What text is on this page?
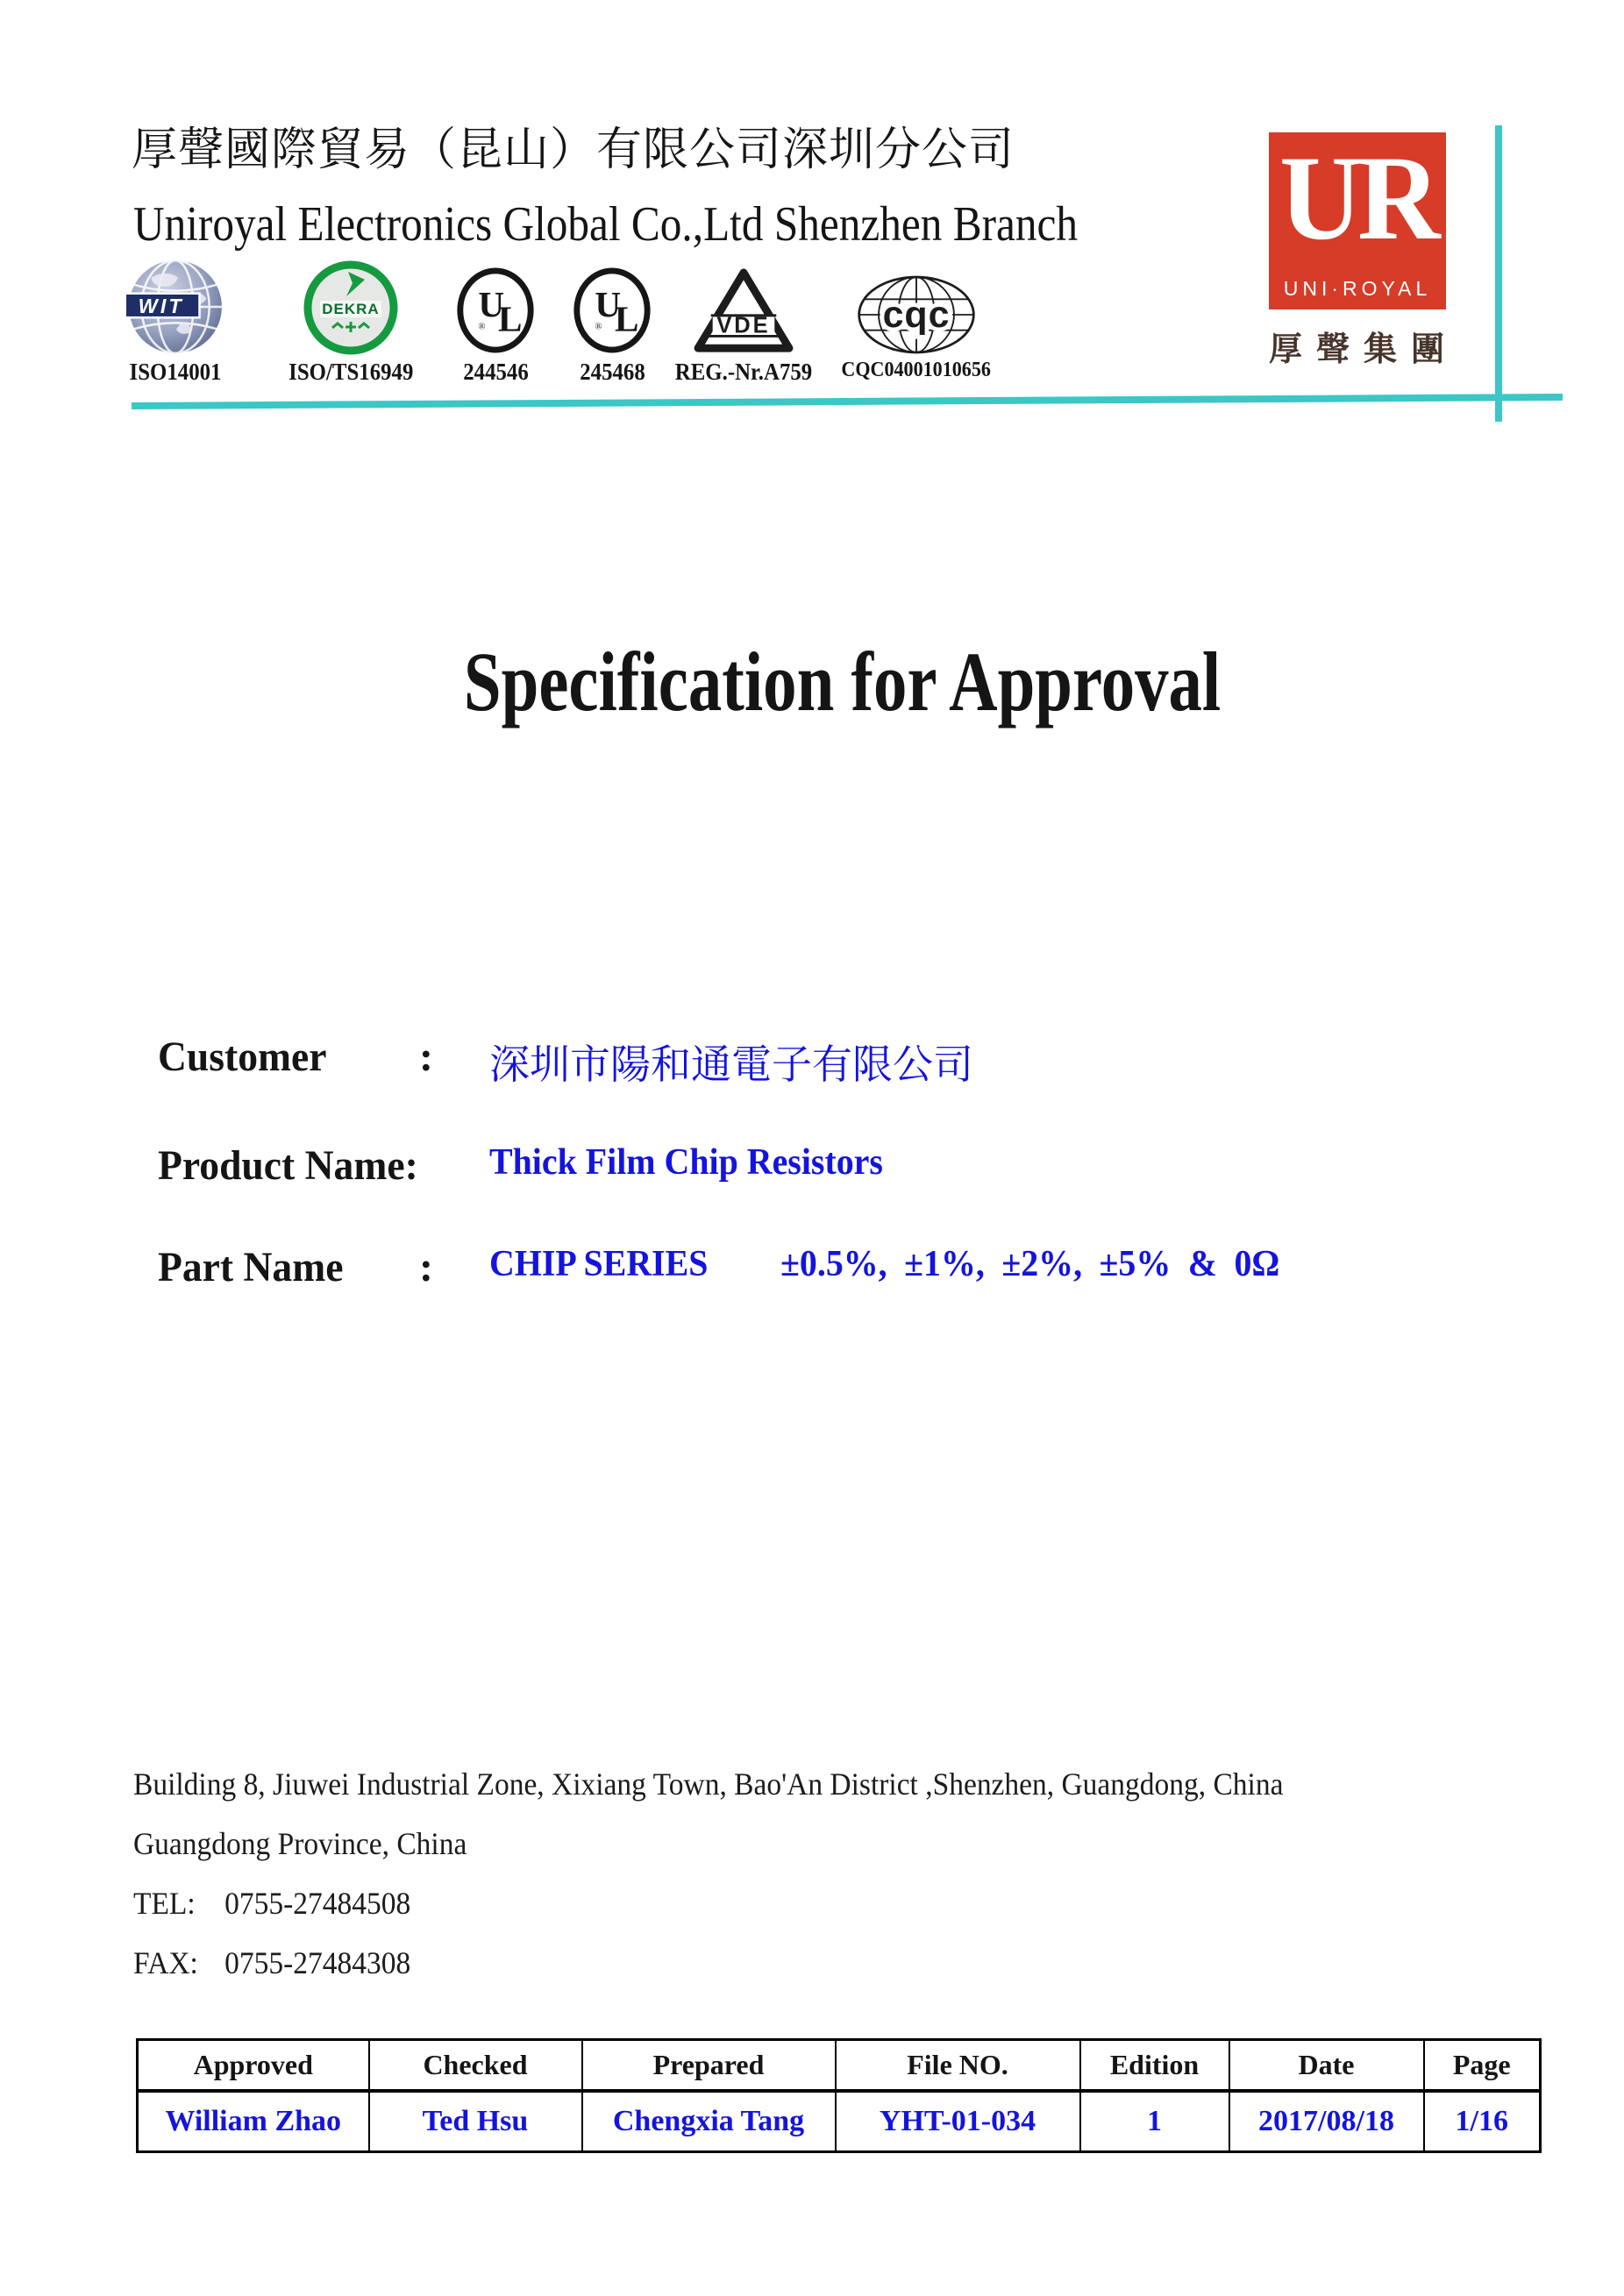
厚聲國際貿易（昆山）有限公司深圳分公司
Uniroyal Electronics Global Co.,Ltd Shenzhen Branch
WIT
ISO14001
DEKRA
ISO/TS16949
U
L
®
244546
U
L
®
245468
VDE
REG.-Nr.A759
cqc
CQC04001010656
UR
UNI·ROYAL
厚聲集團
Specification for Approval
Customer : 深圳市陽和通電子有限公司
Product Name: Thick Film Chip Resistors
Part Name : CHIP SERIES	±0.5%, ±1%, ±2%, ±5% & 0Ω
Building 8, Jiuwei Industrial Zone, Xixiang Town, Bao'An District ,Shenzhen, Guangdong, China
Guangdong Province, China
TEL: 0755-27484508
FAX: 0755-27484308
Approved	Checked	Prepared	File NO.	Edition	Date	Page
William Zhao	Ted Hsu	Chengxia Tang	YHT-01-034	1	2017/08/18	1/16
